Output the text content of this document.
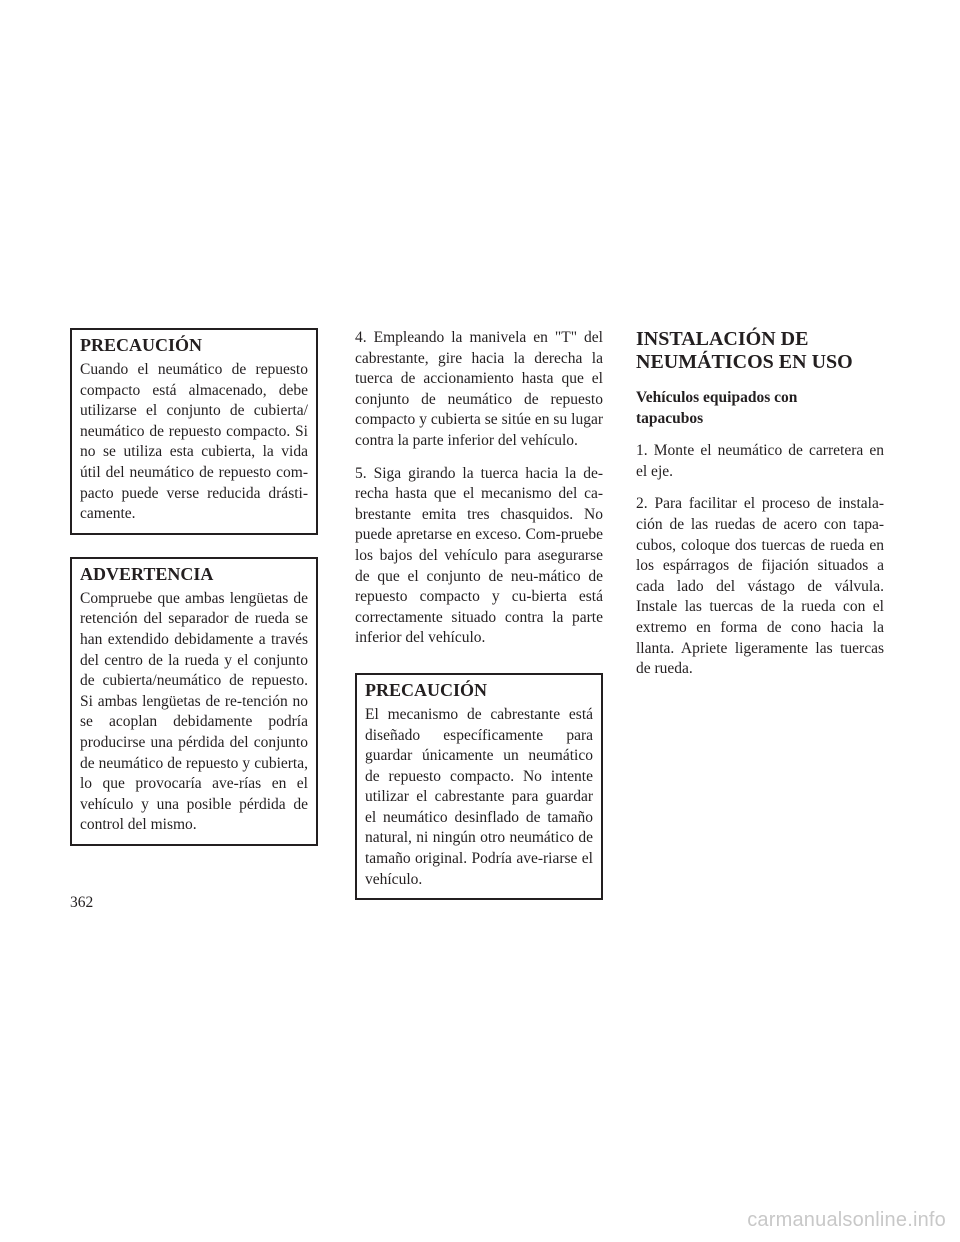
PRECAUCIÓN

Cuando el neumático de repuesto compacto está almacenado, debe utilizarse el conjunto de cubierta/ neumático de repuesto compacto. Si no se utiliza esta cubierta, la vida útil del neumático de repuesto com-pacto puede verse reducida drásti-camente.

ADVERTENCIA

Compruebe que ambas lengüetas de retención del separador de rueda se han extendido debidamente a través del centro de la rueda y el conjunto de cubierta/neumático de repuesto. Si ambas lengüetas de re-tención no se acoplan debidamente podría producirse una pérdida del conjunto de neumático de repuesto y cubierta, lo que provocaría ave-rías en el vehículo y una posible pérdida de control del mismo.

4. Empleando la manivela en "T" del cabrestante, gire hacia la derecha la tuerca de accionamiento hasta que el conjunto de neumático de repuesto compacto y cubierta se sitúe en su lugar contra la parte inferior del vehículo.

5. Siga girando la tuerca hacia la de-recha hasta que el mecanismo del ca-brestante emita tres chasquidos. No puede apretarse en exceso. Com-pruebe los bajos del vehículo para asegurarse de que el conjunto de neu-mático de repuesto compacto y cu-bierta está correctamente situado contra la parte inferior del vehículo.

PRECAUCIÓN

El mecanismo de cabrestante está diseñado específicamente para guardar únicamente un neumático de repuesto compacto. No intente utilizar el cabrestante para guardar el neumático desinflado de tamaño natural, ni ningún otro neumático de tamaño original. Podría ave-riarse el vehículo.

INSTALACIÓN DE
NEUMÁTICOS EN USO
Vehículos equipados con
tapacubos

1. Monte el neumático de carretera en el eje.

2. Para facilitar el proceso de instala-ción de las ruedas de acero con tapa-cubos, coloque dos tuercas de rueda en los espárragos de fijación situados a cada lado del vástago de válvula. Instale las tuercas de la rueda con el extremo en forma de cono hacia la llanta. Apriete ligeramente las tuercas de rueda.

362
carmanualsonline.info
